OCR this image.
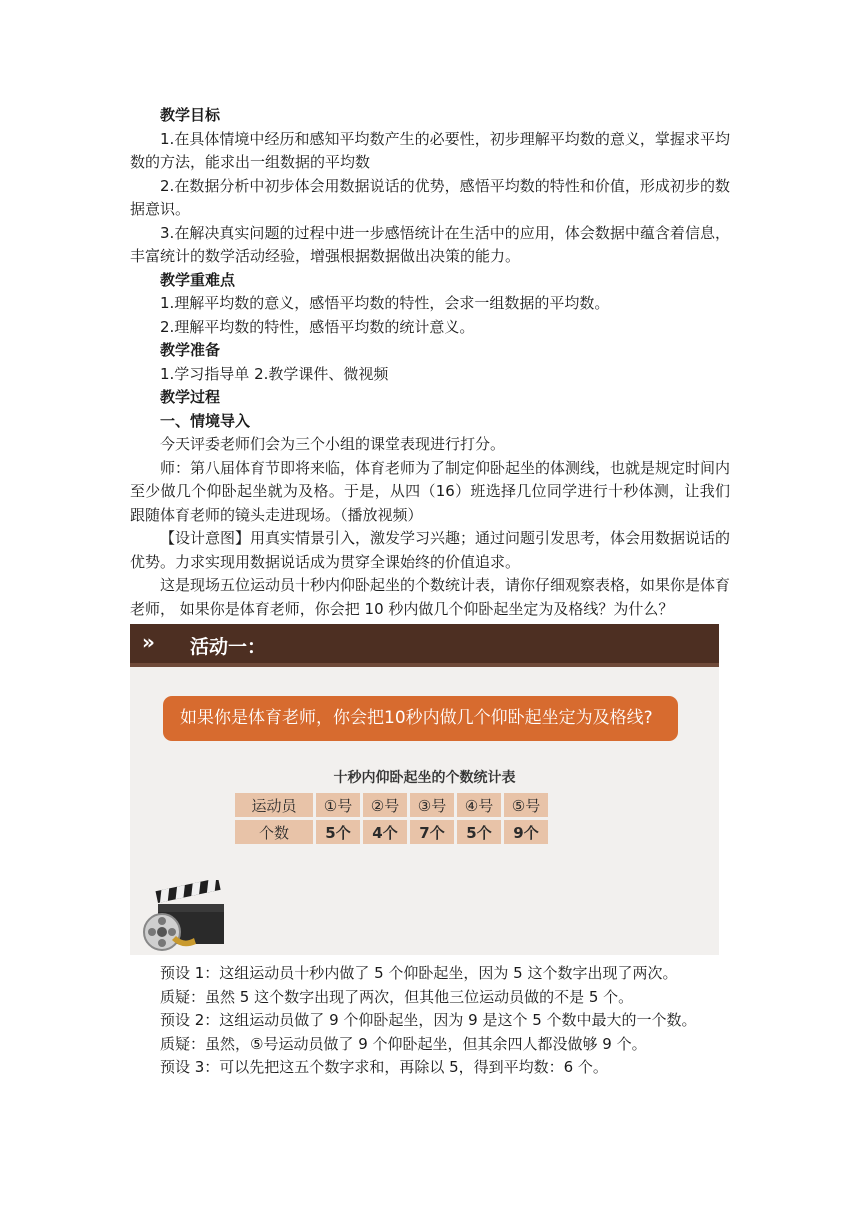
教学目标

1.在具体情境中经历和感知平均数产生的必要性，初步理解平均数的意义，掌握求平均数的方法，能求出一组数据的平均数

2.在数据分析中初步体会用数据说话的优势，感悟平均数的特性和价值，形成初步的数据意识。

3.在解决真实问题的过程中进一步感悟统计在生活中的应用，体会数据中蕴含着信息，丰富统计的数学活动经验，增强根据数据做出决策的能力。

教学重难点

1.理解平均数的意义，感悟平均数的特性，会求一组数据的平均数。

2.理解平均数的特性，感悟平均数的统计意义。

教学准备

1.学习指导单 2.教学课件、微视频

教学过程

一、情境导入

今天评委老师们会为三个小组的课堂表现进行打分。

师：第八届体育节即将来临，体育老师为了制定仰卧起坐的体测线，也就是规定时间内至少做几个仰卧起坐就为及格。于是，从四（16）班选择几位同学进行十秒体测，让我们跟随体育老师的镜头走进现场。（播放视频）

【设计意图】用真实情景引入，激发学习兴趣；通过问题引发思考，体会用数据说话的优势。力求实现用数据说话成为贯穿全课始终的价值追求。

这是现场五位运动员十秒内仰卧起坐的个数统计表，请你仔细观察表格，如果你是体育老师， 如果你是体育老师，你会把 10 秒内做几个仰卧起坐定为及格线？为什么？

» 活动一：
如果你是体育老师，你会把10秒内做几个仰卧起坐定为及格线?
十秒内仰卧起坐的个数统计表
运动员	①号	②号	③号	④号	⑤号
个数	5个	4个	7个	5个	9个

预设 1：这组运动员十秒内做了 5 个仰卧起坐，因为 5 这个数字出现了两次。

质疑：虽然 5 这个数字出现了两次，但其他三位运动员做的不是 5 个。

预设 2：这组运动员做了 9 个仰卧起坐，因为 9 是这个 5 个数中最大的一个数。

质疑：虽然，⑤号运动员做了 9 个仰卧起坐，但其余四人都没做够 9 个。

预设 3：可以先把这五个数字求和，再除以 5，得到平均数：6 个。
